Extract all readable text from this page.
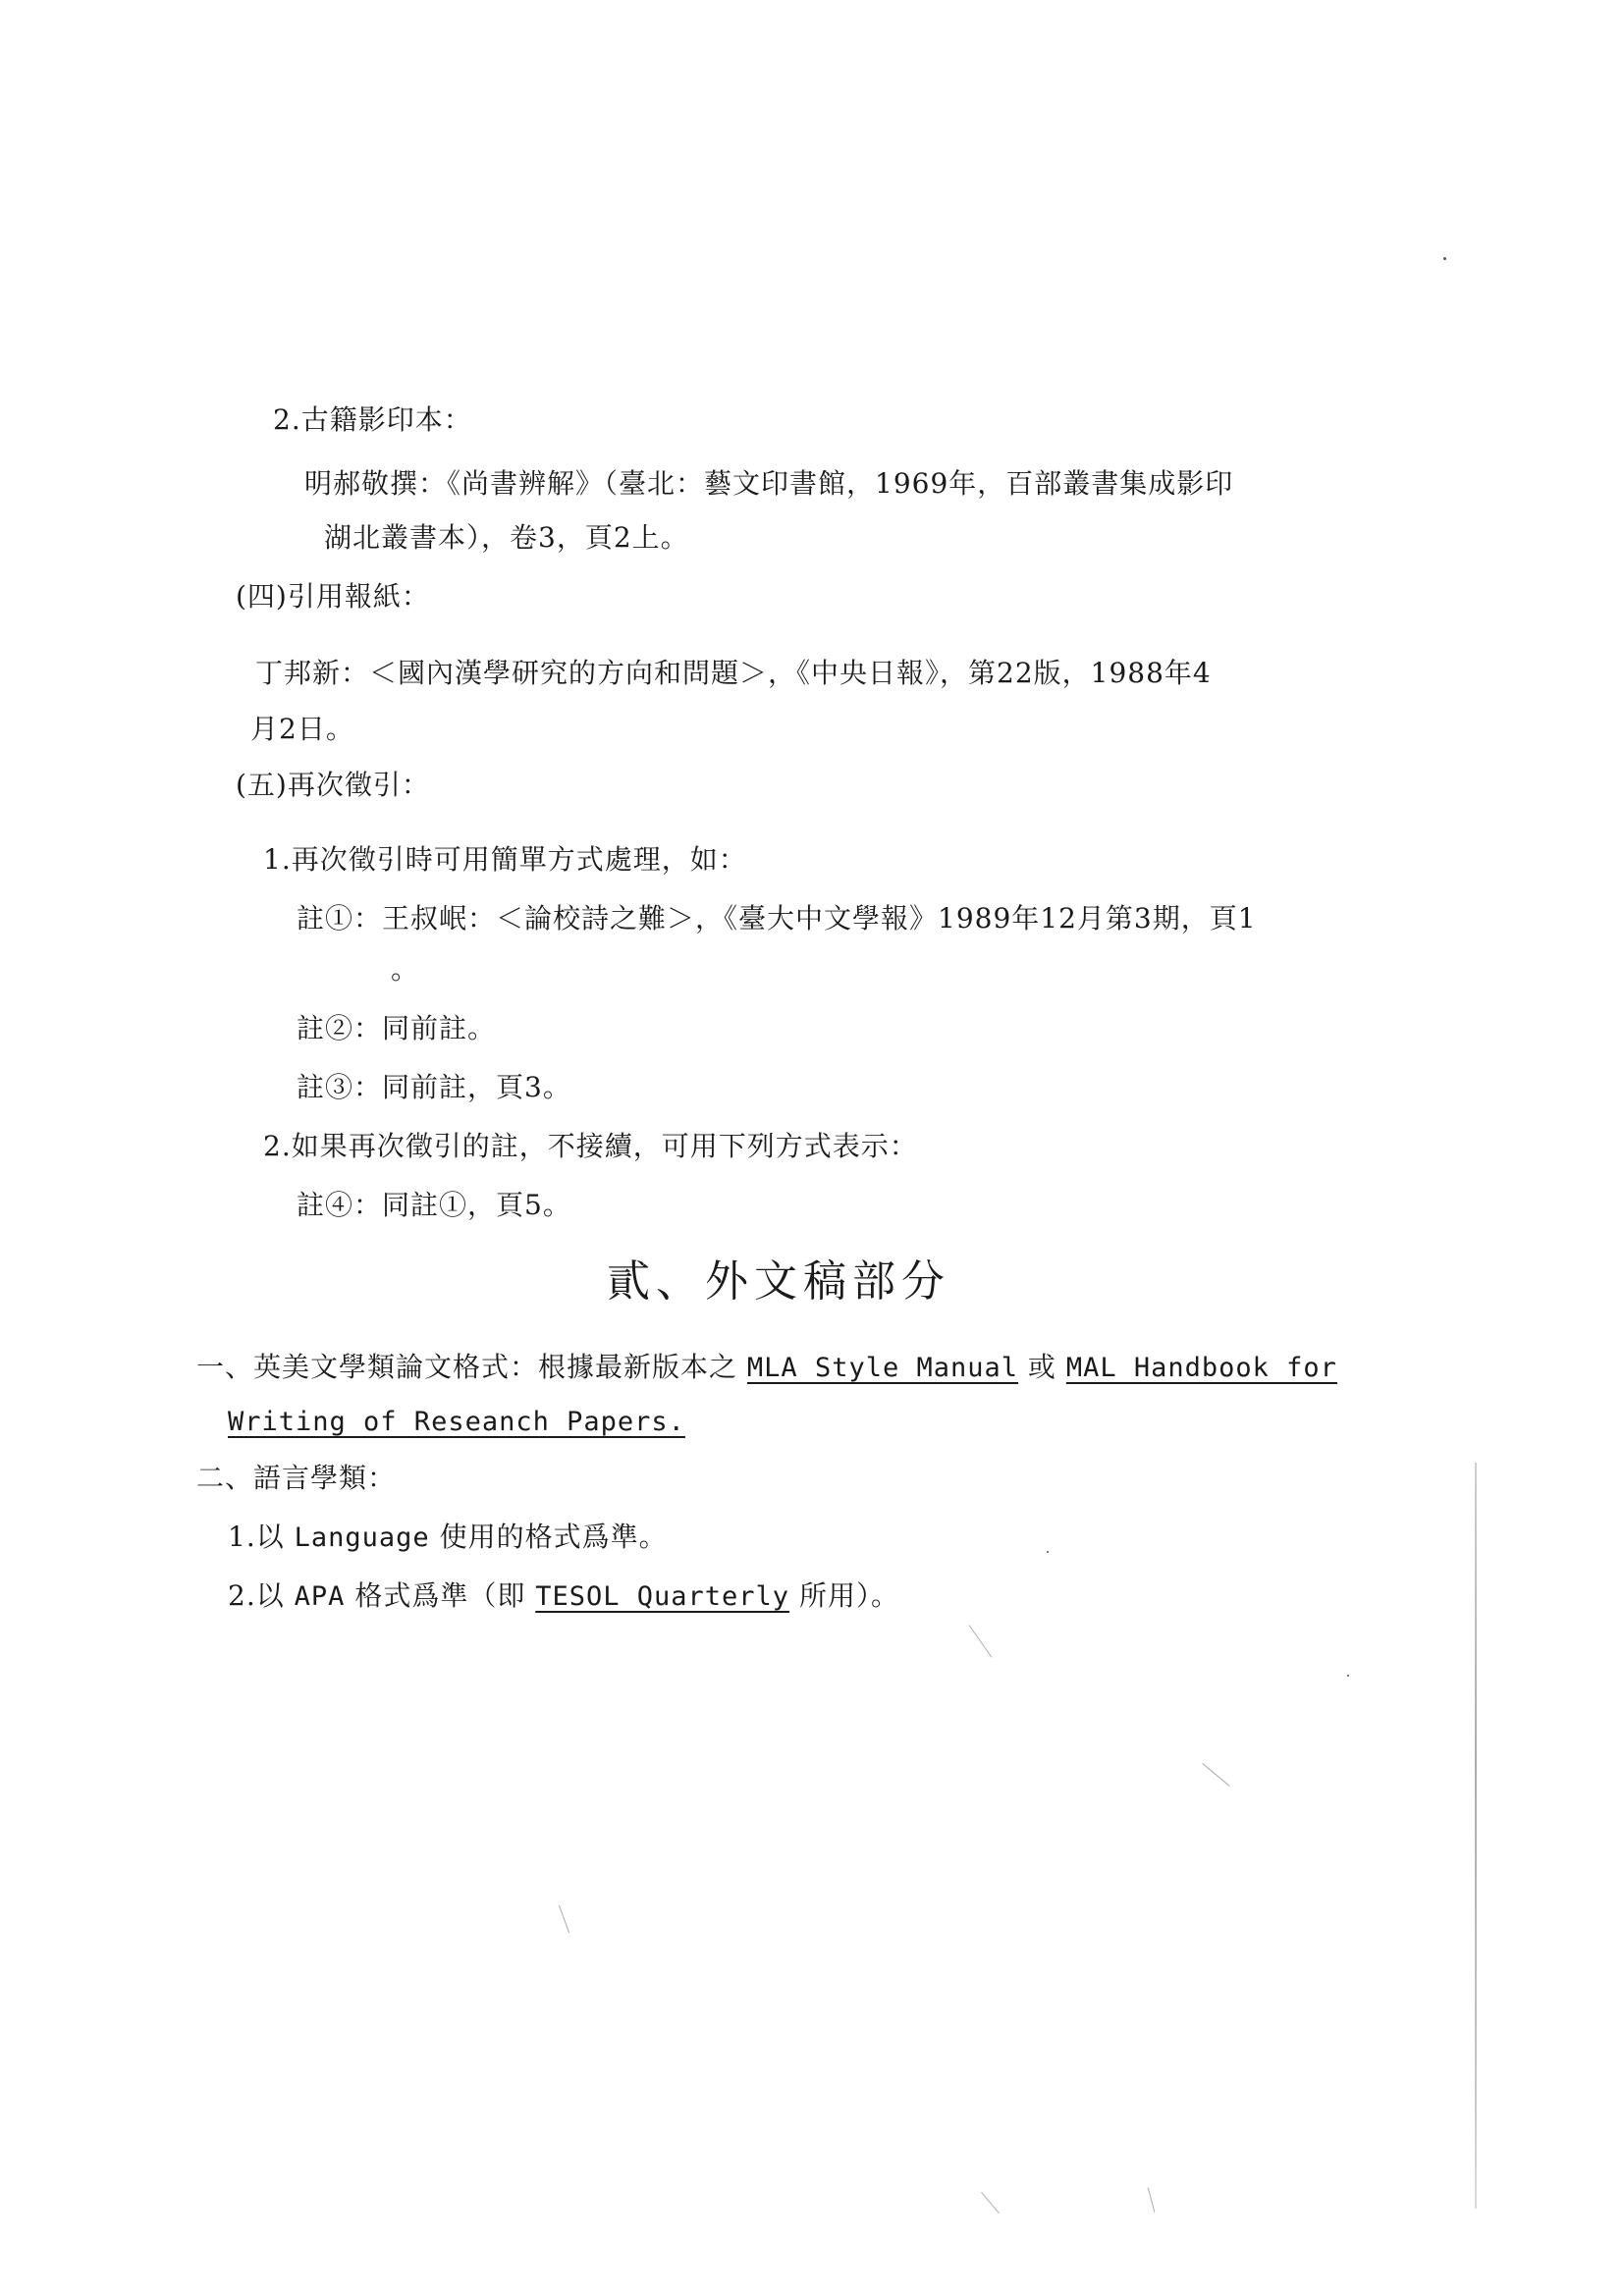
2.古籍影印本：
明郝敬撰：《尚書辨解》（臺北：藝文印書館，1969年，百部叢書集成影印
湖北叢書本），卷3，頁2上。
(四)引用報紙：
丁邦新：＜國內漢學研究的方向和問題＞，《中央日報》，第22版，1988年4
月2日。
(五)再次徵引：
1.再次徵引時可用簡單方式處理，如：
註①：王叔岷：＜論校詩之難＞，《臺大中文學報》1989年12月第3期，頁1
。
註②：同前註。
註③：同前註，頁3。
2.如果再次徵引的註，不接續，可用下列方式表示：
註④：同註①，頁5。
貳、外文稿部分
一、英美文學類論文格式：根據最新版本之 MLA Style Manual 或 MAL Handbook for
Writing of Reseanch Papers.
二、語言學類：
1.以 Language 使用的格式爲準。
2.以 APA 格式爲準（即 TESOL Quarterly 所用）。
